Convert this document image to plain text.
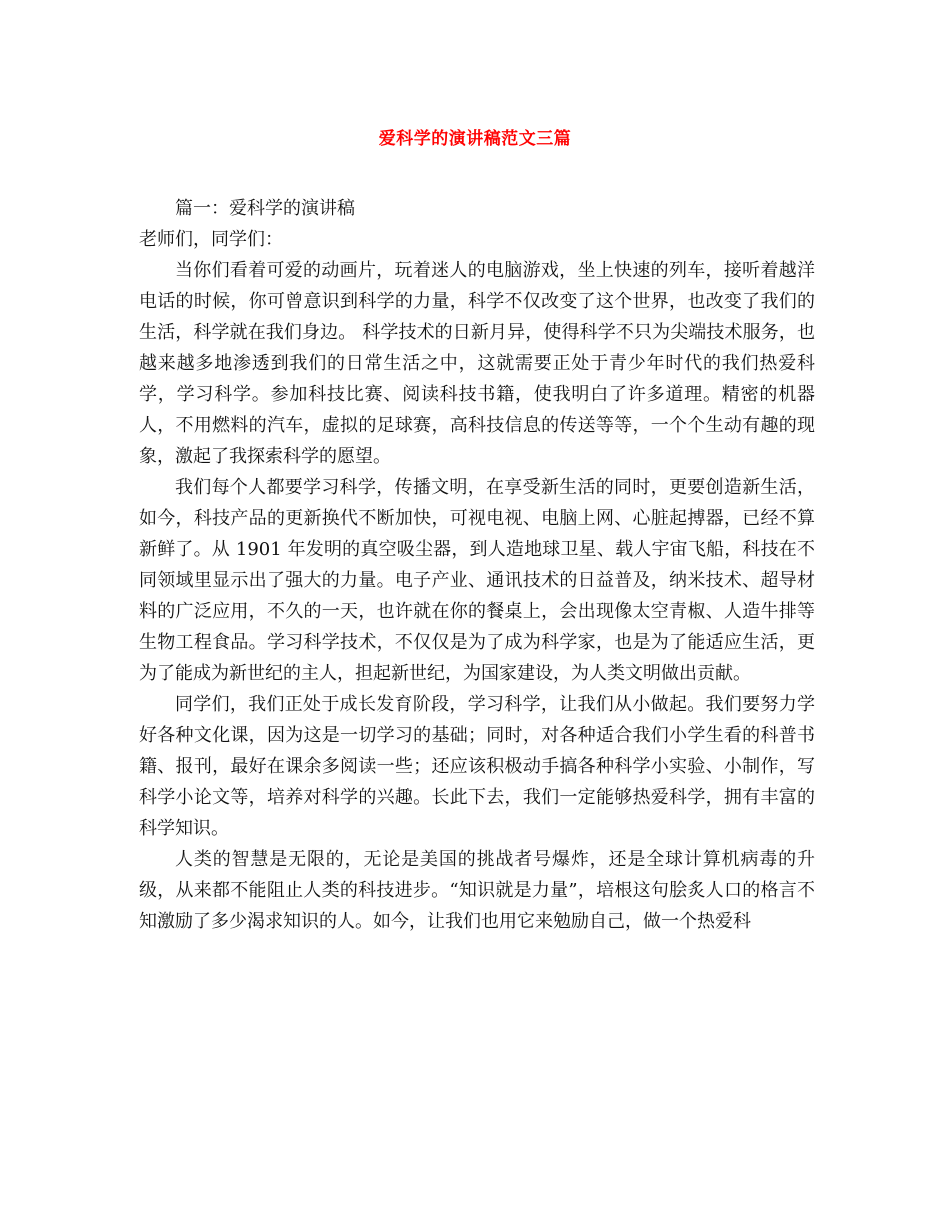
爱科学的演讲稿范文三篇

篇一：爱科学的演讲稿

老师们，同学们：

当你们看着可爱的动画片，玩着迷人的电脑游戏，坐上快速的列车，接听着越洋电话的时候，你可曾意识到科学的力量，科学不仅改变了这个世界，也改变了我们的生活，科学就在我们身边。 科学技术的日新月异，使得科学不只为尖端技术服务，也越来越多地渗透到我们的日常生活之中，这就需要正处于青少年时代的我们热爱科学，学习科学。参加科技比赛、阅读科技书籍，使我明白了许多道理。精密的机器人，不用燃料的汽车，虚拟的足球赛，高科技信息的传送等等，一个个生动有趣的现象，激起了我探索科学的愿望。

我们每个人都要学习科学，传播文明，在享受新生活的同时，更要创造新生活，如今，科技产品的更新换代不断加快，可视电视、电脑上网、心脏起搏器，已经不算新鲜了。从 1901 年发明的真空吸尘器，到人造地球卫星、载人宇宙飞船，科技在不同领域里显示出了强大的力量。电子产业、通讯技术的日益普及，纳米技术、超导材料的广泛应用，不久的一天，也许就在你的餐桌上，会出现像太空青椒、人造牛排等生物工程食品。学习科学技术，不仅仅是为了成为科学家，也是为了能适应生活，更为了能成为新世纪的主人，担起新世纪，为国家建设，为人类文明做出贡献。

同学们，我们正处于成长发育阶段，学习科学，让我们从小做起。我们要努力学好各种文化课，因为这是一切学习的基础；同时，对各种适合我们小学生看的科普书籍、报刊，最好在课余多阅读一些；还应该积极动手搞各种科学小实验、小制作，写科学小论文等，培养对科学的兴趣。长此下去，我们一定能够热爱科学，拥有丰富的科学知识。

人类的智慧是无限的，无论是美国的挑战者号爆炸，还是全球计算机病毒的升级，从来都不能阻止人类的科技进步。“知识就是力量”，培根这句脍炙人口的格言不知激励了多少渴求知识的人。如今，让我们也用它来勉励自己，做一个热爱科
